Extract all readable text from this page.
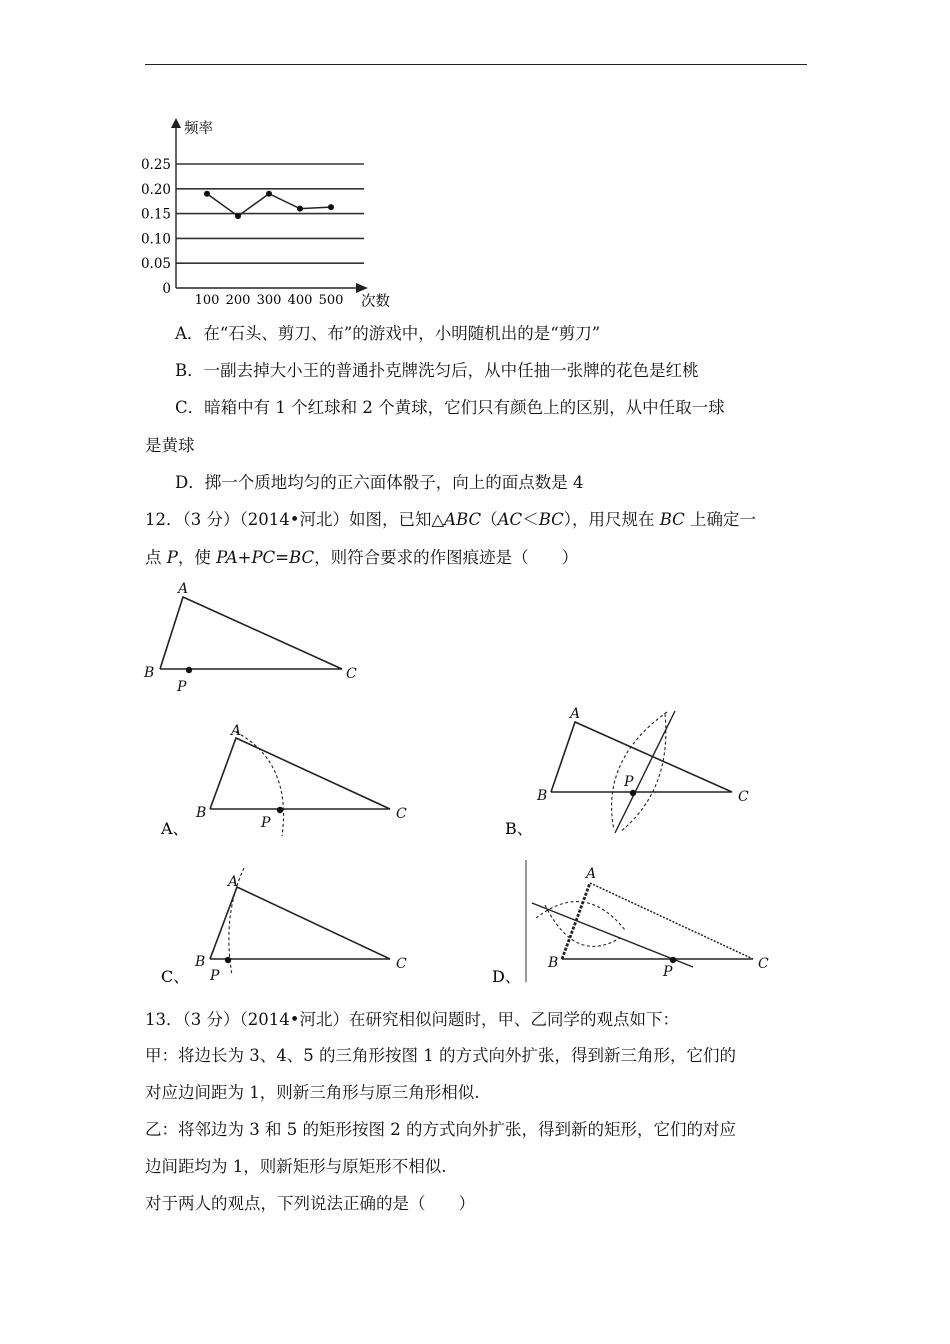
频率
次数
0
0.05
0.10
0.15
0.20
0.25
100 200 300 400 500
A．在“石头、剪刀、布”的游戏中，小明随机出的是“剪刀”
B．一副去掉大小王的普通扑克牌洗匀后，从中任抽一张牌的花色是红桃
C．暗箱中有 1 个红球和 2 个黄球，它们只有颜色上的区别，从中任取一球
是黄球
D．掷一个质地均匀的正六面体骰子，向上的面点数是 4
12．（3 分）（2014•河北）如图，已知△ABC（AC＜BC），用尺规在 BC 上确定一
点 P，使 PA+PC=BC，则符合要求的作图痕迹是（　　）
A
B	C
P
A
B	C
P
A、
A
B	C
P
B、
A
B	C
P
C、
A
B	C
P
D、
13．（3 分）（2014•河北）在研究相似问题时，甲、乙同学的观点如下：
甲：将边长为 3、4、5 的三角形按图 1 的方式向外扩张，得到新三角形，它们的
对应边间距为 1，则新三角形与原三角形相似.
乙：将邻边为 3 和 5 的矩形按图 2 的方式向外扩张，得到新的矩形，它们的对应
边间距均为 1，则新矩形与原矩形不相似.
对于两人的观点，下列说法正确的是（　　）
